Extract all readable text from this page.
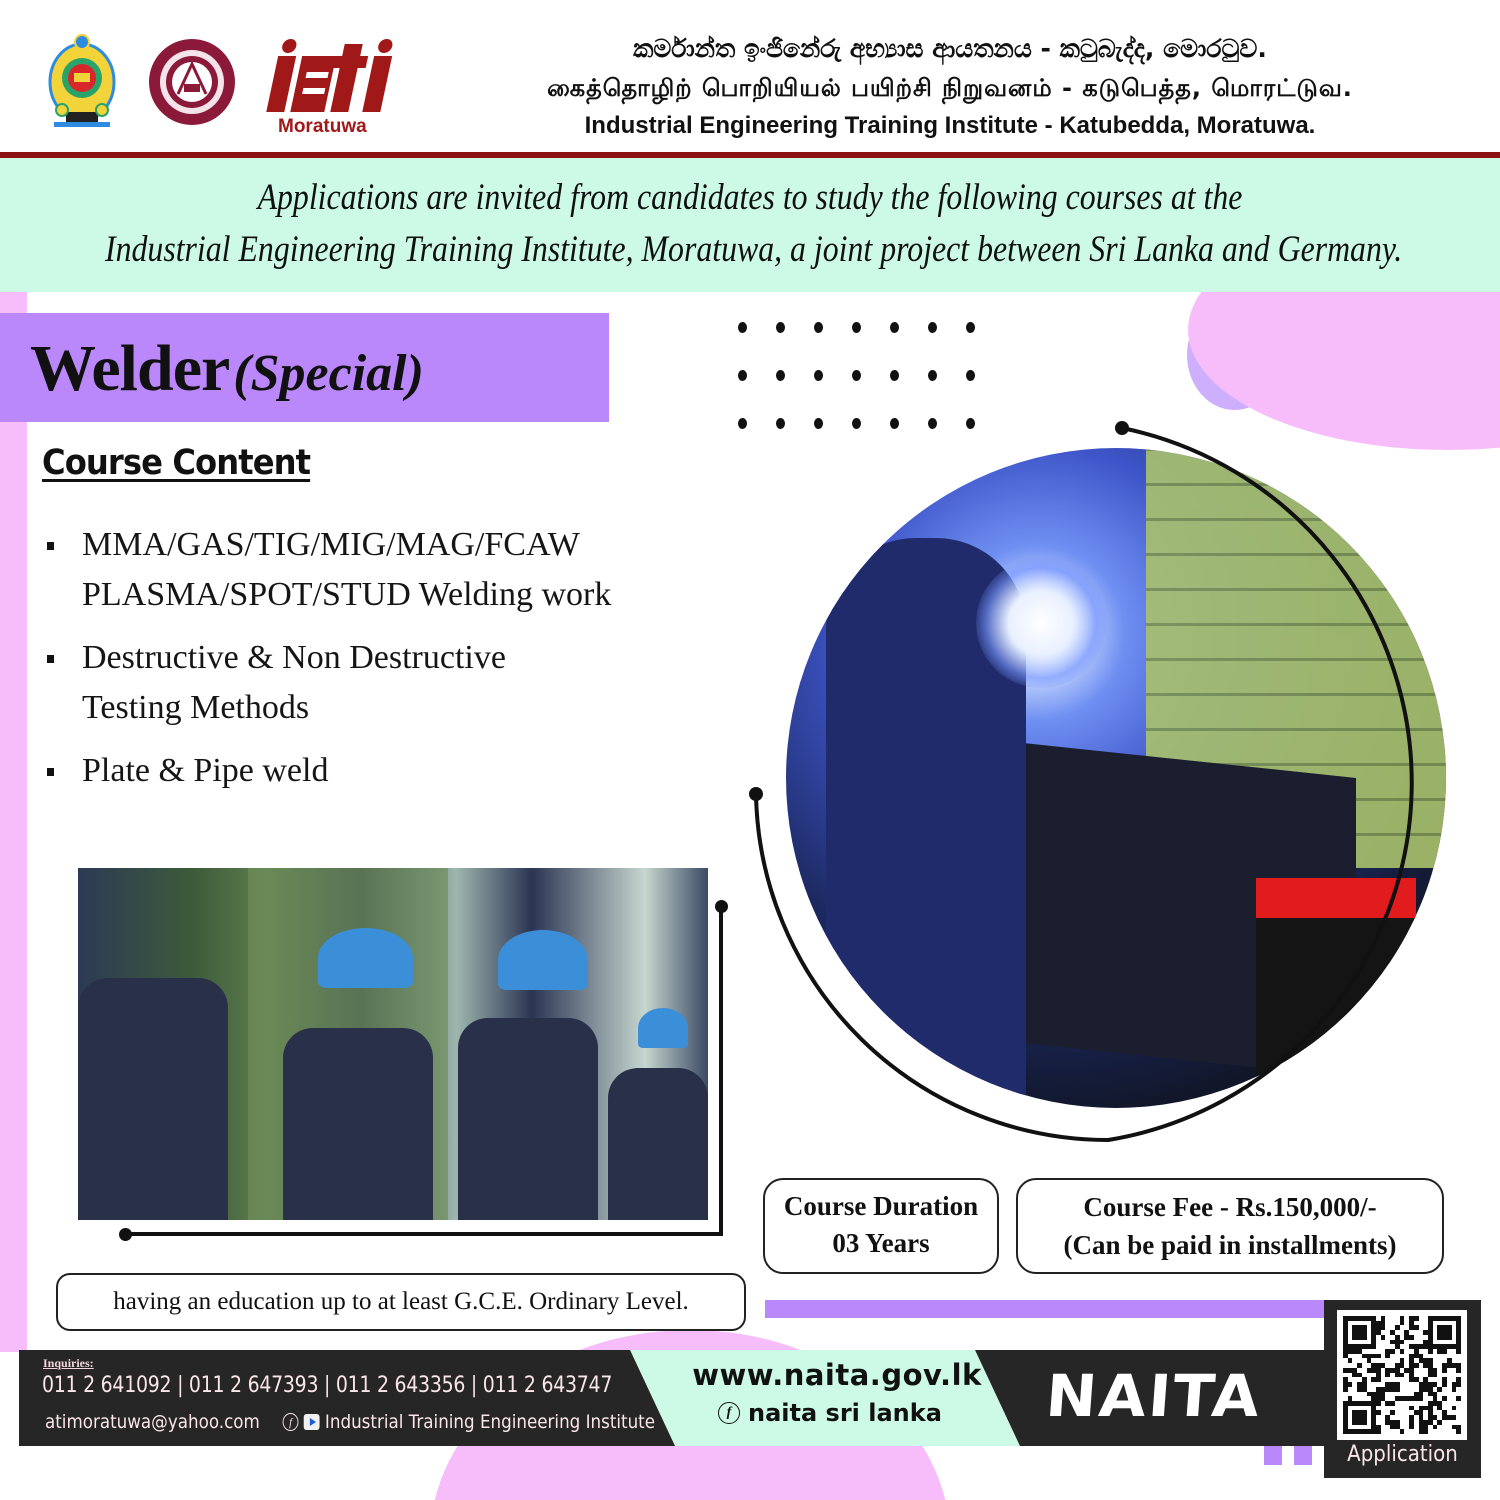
Moratuwa
කර්මාන්ත ඉංජිනේරු අභ්‍යාස ආයතනය - කටුබැද්ද, මොරටුව.
கைத்தொழிற் பொறியியல் பயிற்சி நிறுவனம் - கடுபெத்த, மொரட்டுவ.
Industrial Engineering Training Institute - Katubedda, Moratuwa.

Applications are invited from candidates to study the following courses at the

Industrial Engineering Training Institute, Moratuwa, a joint project between Sri Lanka and Germany.

Welder (Special)
Course Content
MMA/GAS/TIG/MIG/MAG/FCAW
PLASMA/SPOT/STUD Welding work
Destructive & Non Destructive
Testing Methods
Plate & Pipe weld
Course Duration
03 Years
Course Fee - Rs.150,000/-
(Can be paid in installments)
having an education up to at least G.C.E. Ordinary Level.
Inquiries:
011 2 641092 | 011 2 647393 | 011 2 643356 | 011 2 643747
atimoratuwa@yahoo.com	f	Industrial Training Engineering Institute
www.naita.gov.lk
f naita sri lanka NAITA
Application
